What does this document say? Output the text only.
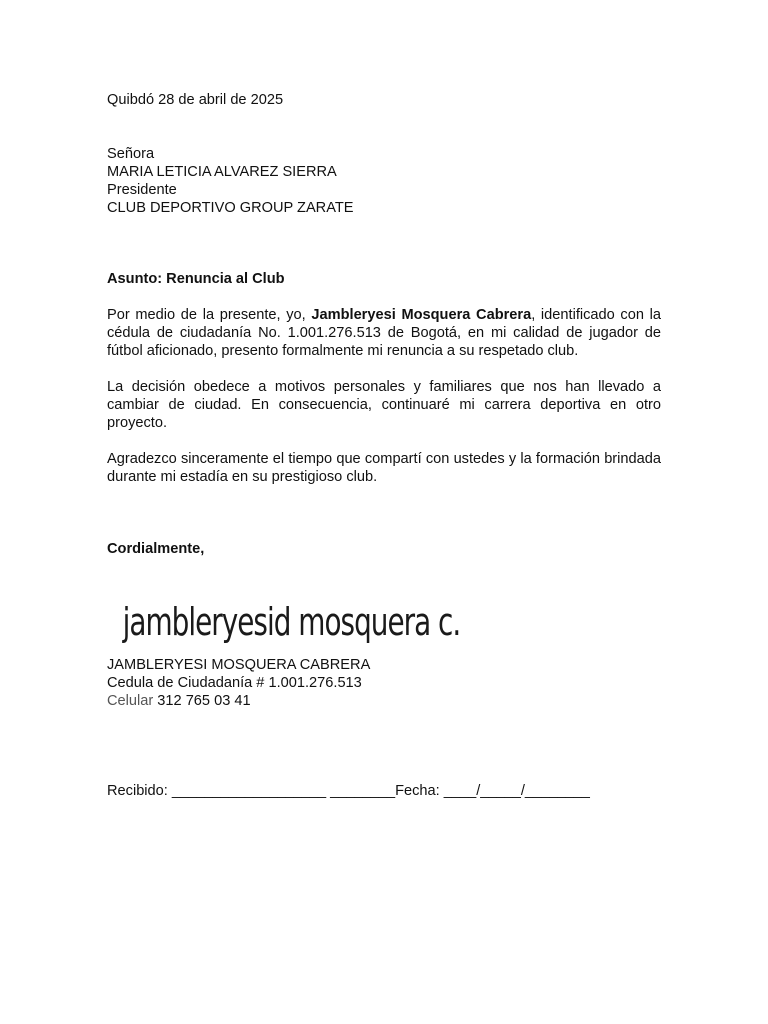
Quibdó 28 de abril de 2025
Señora
MARIA LETICIA ALVAREZ SIERRA
Presidente
CLUB DEPORTIVO GROUP ZARATE
Asunto: Renuncia al Club
Por medio de la presente, yo, Jambleryesi Mosquera Cabrera, identificado con la cédula de ciudadanía No. 1.001.276.513 de Bogotá, en mi calidad de jugador de fútbol aficionado, presento formalmente mi renuncia a su respetado club.
La decisión obedece a motivos personales y familiares que nos han llevado a cambiar de ciudad. En consecuencia, continuaré mi carrera deportiva en otro proyecto.
Agradezco sinceramente el tiempo que compartí con ustedes y la formación brindada durante mi estadía en su prestigioso club.
Cordialmente,
jambleryesid mosquera c.
JAMBLERYESI MOSQUERA CABRERA
Cedula de Ciudadanía # 1.001.276.513
Celular 312 765 03 41
Recibido: ___________________ ________Fecha: ____/_____/________
